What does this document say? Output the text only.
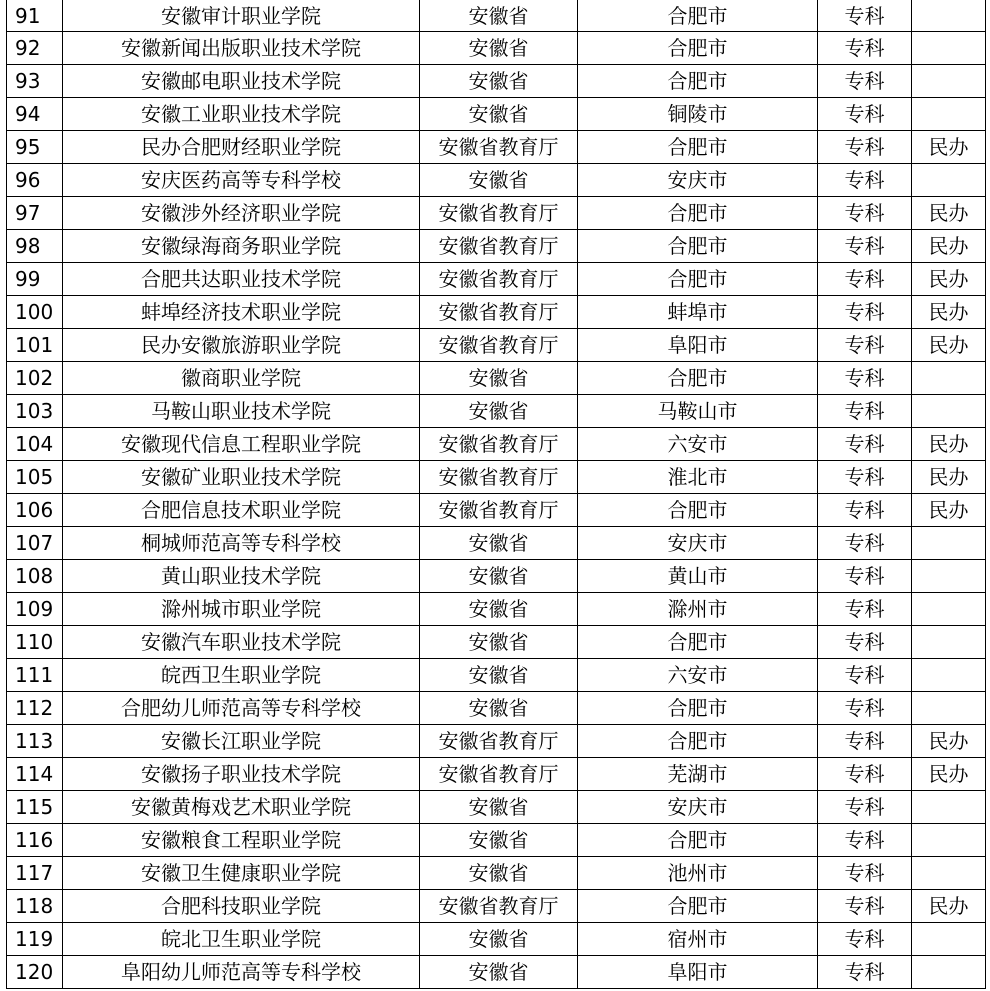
91	安徽审计职业学院	安徽省	合肥市	专科	
92	安徽新闻出版职业技术学院	安徽省	合肥市	专科	
93	安徽邮电职业技术学院	安徽省	合肥市	专科	
94	安徽工业职业技术学院	安徽省	铜陵市	专科	
95	民办合肥财经职业学院	安徽省教育厅	合肥市	专科	民办
96	安庆医药高等专科学校	安徽省	安庆市	专科	
97	安徽涉外经济职业学院	安徽省教育厅	合肥市	专科	民办
98	安徽绿海商务职业学院	安徽省教育厅	合肥市	专科	民办
99	合肥共达职业技术学院	安徽省教育厅	合肥市	专科	民办
100	蚌埠经济技术职业学院	安徽省教育厅	蚌埠市	专科	民办
101	民办安徽旅游职业学院	安徽省教育厅	阜阳市	专科	民办
102	徽商职业学院	安徽省	合肥市	专科	
103	马鞍山职业技术学院	安徽省	马鞍山市	专科	
104	安徽现代信息工程职业学院	安徽省教育厅	六安市	专科	民办
105	安徽矿业职业技术学院	安徽省教育厅	淮北市	专科	民办
106	合肥信息技术职业学院	安徽省教育厅	合肥市	专科	民办
107	桐城师范高等专科学校	安徽省	安庆市	专科	
108	黄山职业技术学院	安徽省	黄山市	专科	
109	滁州城市职业学院	安徽省	滁州市	专科	
110	安徽汽车职业技术学院	安徽省	合肥市	专科	
111	皖西卫生职业学院	安徽省	六安市	专科	
112	合肥幼儿师范高等专科学校	安徽省	合肥市	专科	
113	安徽长江职业学院	安徽省教育厅	合肥市	专科	民办
114	安徽扬子职业技术学院	安徽省教育厅	芜湖市	专科	民办
115	安徽黄梅戏艺术职业学院	安徽省	安庆市	专科	
116	安徽粮食工程职业学院	安徽省	合肥市	专科	
117	安徽卫生健康职业学院	安徽省	池州市	专科	
118	合肥科技职业学院	安徽省教育厅	合肥市	专科	民办
119	皖北卫生职业学院	安徽省	宿州市	专科	
120	阜阳幼儿师范高等专科学校	安徽省	阜阳市	专科	
